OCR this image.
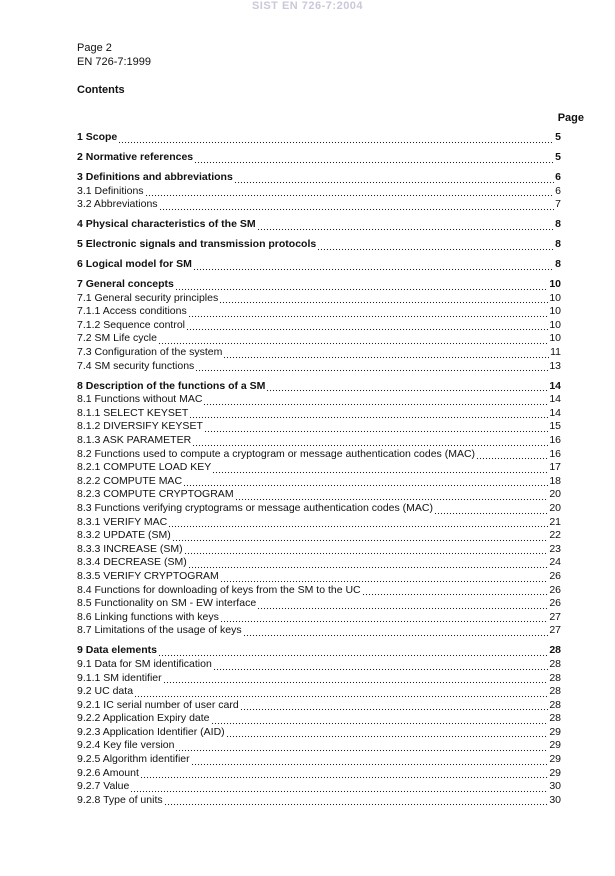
SIST EN 726-7:2004
Page 2
EN 726-7:1999
Contents
Page
1 Scope	5
2 Normative references	5
3 Definitions and abbreviations	6
3.1 Definitions	6
3.2 Abbreviations	7
4 Physical characteristics of the SM	8
5 Electronic signals and transmission protocols	8
6 Logical model for SM	8
7 General concepts	10
7.1 General security principles	10
7.1.1 Access conditions	10
7.1.2 Sequence control	10
7.2 SM Life cycle	10
7.3 Configuration of the system	11
7.4 SM security functions	13
8 Description of the functions of a SM	14
8.1 Functions without MAC	14
8.1.1 SELECT KEYSET	14
8.1.2 DIVERSIFY KEYSET	15
8.1.3 ASK PARAMETER	16
8.2 Functions used to compute a cryptogram or message authentication codes (MAC)	16
8.2.1 COMPUTE LOAD KEY	17
8.2.2 COMPUTE MAC	18
8.2.3 COMPUTE CRYPTOGRAM	20
8.3 Functions verifying cryptograms or message authentication codes (MAC)	20
8.3.1 VERIFY MAC	21
8.3.2 UPDATE (SM)	22
8.3.3 INCREASE (SM)	23
8.3.4 DECREASE (SM)	24
8.3.5 VERIFY CRYPTOGRAM	26
8.4 Functions for downloading of keys from the SM to the UC	26
8.5 Functionality on SM - EW interface	26
8.6 Linking functions with keys	27
8.7 Limitations of the usage of keys	27
9 Data elements	28
9.1 Data for SM identification	28
9.1.1 SM identifier	28
9.2 UC data	28
9.2.1 IC serial number of user card	28
9.2.2 Application Expiry date	28
9.2.3 Application Identifier (AID)	29
9.2.4 Key file version	29
9.2.5 Algorithm identifier	29
9.2.6 Amount	29
9.2.7 Value	30
9.2.8 Type of units	30
